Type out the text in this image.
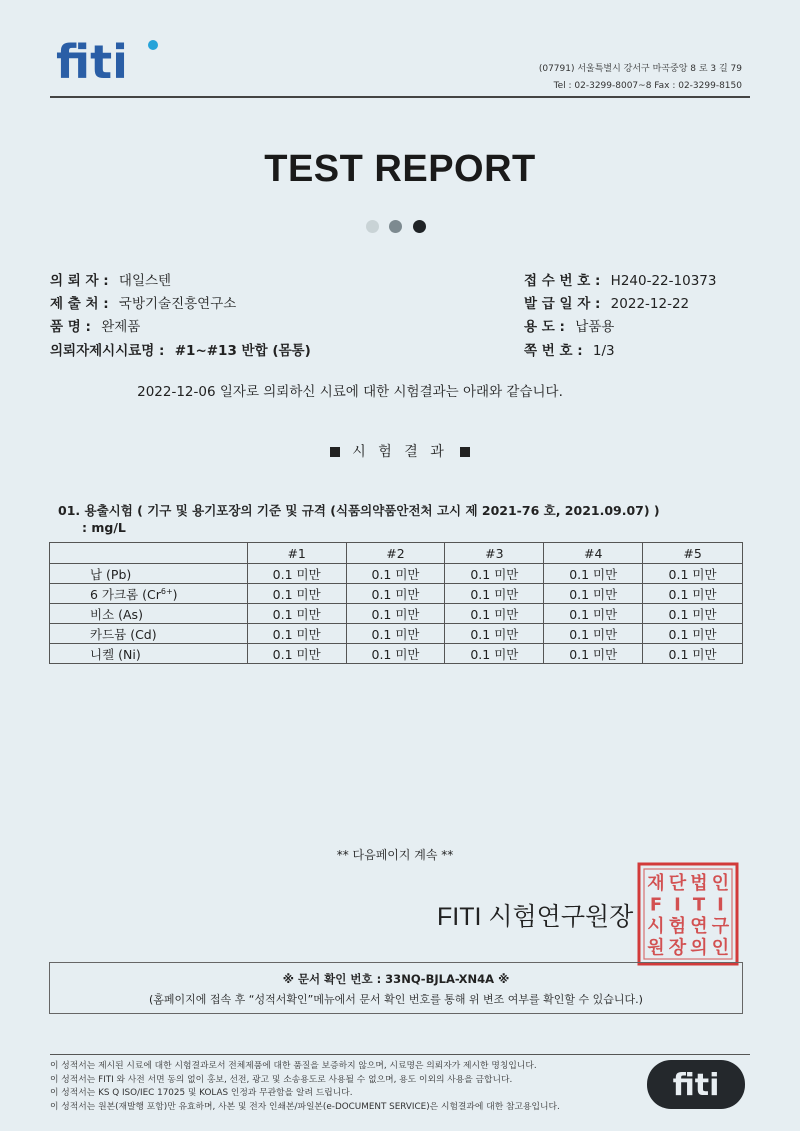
fiti	(07791) 서울특별시 강서구 마곡중앙 8 로 3 길 79
Tel : 02-3299-8007~8 Fax : 02-3299-8150
TEST REPORT
의 뢰 자 : 대일스텐
제 출 처 : 국방기술진흥연구소
품 명 : 완제품
의뢰자제시시료명 : #1~#13 반합 (몸통)
접 수 번 호 : H240-22-10373
발 급 일 자 : 2022-12-22
용 도 : 납품용
쪽 번 호 : 1/3
2022-12-06 일자로 의뢰하신 시료에 대한 시험결과는 아래와 같습니다.
시 험 결 과
01. 용출시험 ( 기구 및 용기포장의 기준 및 규격 (식품의약품안전처 고시 제 2021-76 호, 2021.09.07) )
: mg/L
	#1	#2	#3	#4	#5
납 (Pb)	0.1 미만	0.1 미만	0.1 미만	0.1 미만	0.1 미만
6 가크롬 $(Cr^{6+})$	0.1 미만	0.1 미만	0.1 미만	0.1 미만	0.1 미만
비소 (As)	0.1 미만	0.1 미만	0.1 미만	0.1 미만	0.1 미만
카드뮴 (Cd)	0.1 미만	0.1 미만	0.1 미만	0.1 미만	0.1 미만
니켈 (Ni)	0.1 미만	0.1 미만	0.1 미만	0.1 미만	0.1 미만
** 다음페이지 계속 **
재 단 법 인
F I T I
시 험 연 구
원 장 의 인
FITI 시험연구원장
※ 문서 확인 번호 : 33NQ-BJLA-XN4A ※
(홈페이지에 접속 후 “성적서확인”메뉴에서 문서 확인 번호를 통해 위 변조 여부를 확인할 수 있습니다.)
이 성적서는 제시된 시료에 대한 시험결과로서 전체제품에 대한 품질을 보증하지 않으며, 시료명은 의뢰자가 제시한 명칭입니다.
이 성적서는 FITI 와 사전 서면 동의 없이 홍보, 선전, 광고 및 소송용도로 사용될 수 없으며, 용도 이외의 사용을 금합니다.
이 성적서는 KS Q ISO/IEC 17025 및 KOLAS 인정과 무관함을 알려 드립니다.
이 성적서는 원본(재발행 포함)만 유효하며, 사본 및 전자 인쇄본/파일본(e-DOCUMENT SERVICE)은 시험결과에 대한 참고용입니다.
fiti
